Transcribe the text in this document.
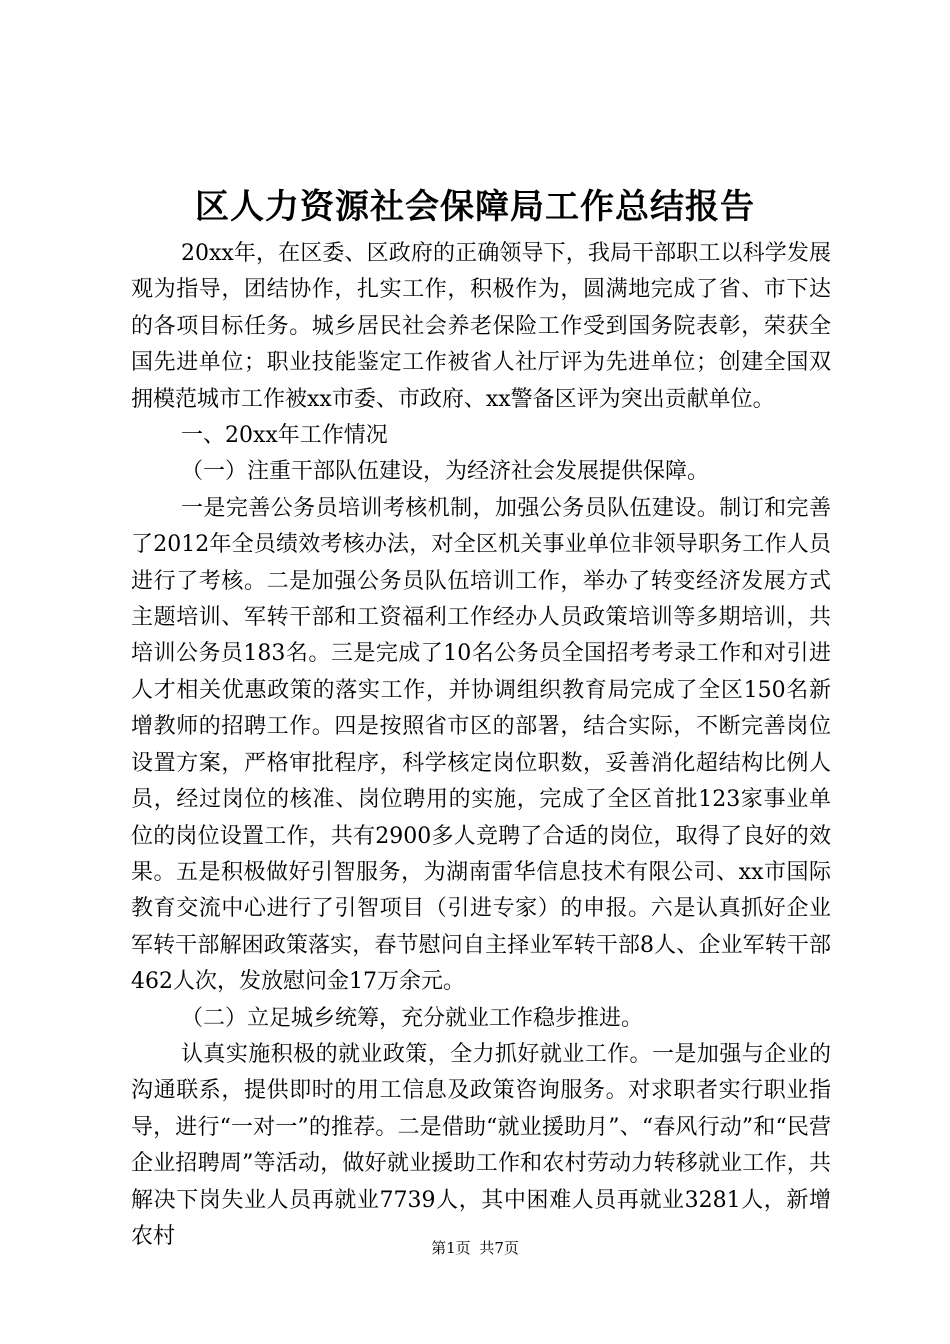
区人力资源社会保障局工作总结报告

20xx年，在区委、区政府的正确领导下，我局干部职工以科学发展观为指导，团结协作，扎实工作，积极作为，圆满地完成了省、市下达的各项目标任务。城乡居民社会养老保险工作受到国务院表彰，荣获全国先进单位；职业技能鉴定工作被省人社厅评为先进单位；创建全国双拥模范城市工作被xx市委、市政府、xx警备区评为突出贡献单位。

一、20xx年工作情况

（一）注重干部队伍建设，为经济社会发展提供保障。

一是完善公务员培训考核机制，加强公务员队伍建设。制订和完善了2012年全员绩效考核办法，对全区机关事业单位非领导职务工作人员进行了考核。二是加强公务员队伍培训工作，举办了转变经济发展方式主题培训、军转干部和工资福利工作经办人员政策培训等多期培训，共培训公务员183名。三是完成了10名公务员全国招考考录工作和对引进人才相关优惠政策的落实工作，并协调组织教育局完成了全区150名新增教师的招聘工作。四是按照省市区的部署，结合实际，不断完善岗位设置方案，严格审批程序，科学核定岗位职数，妥善消化超结构比例人员，经过岗位的核准、岗位聘用的实施，完成了全区首批123家事业单位的岗位设置工作，共有2900多人竞聘了合适的岗位，取得了良好的效果。五是积极做好引智服务，为湖南雷华信息技术有限公司、xx市国际教育交流中心进行了引智项目（引进专家）的申报。六是认真抓好企业军转干部解困政策落实，春节慰问自主择业军转干部8人、企业军转干部462人次，发放慰问金17万余元。

（二）立足城乡统筹，充分就业工作稳步推进。

认真实施积极的就业政策，全力抓好就业工作。一是加强与企业的沟通联系，提供即时的用工信息及政策咨询服务。对求职者实行职业指导，进行“一对一”的推荐。二是借助“就业援助月”、“春风行动”和“民营企业招聘周”等活动，做好就业援助工作和农村劳动力转移就业工作，共解决下岗失业人员再就业7739人，其中困难人员再就业3281人，新增农村	第1页 共7页
